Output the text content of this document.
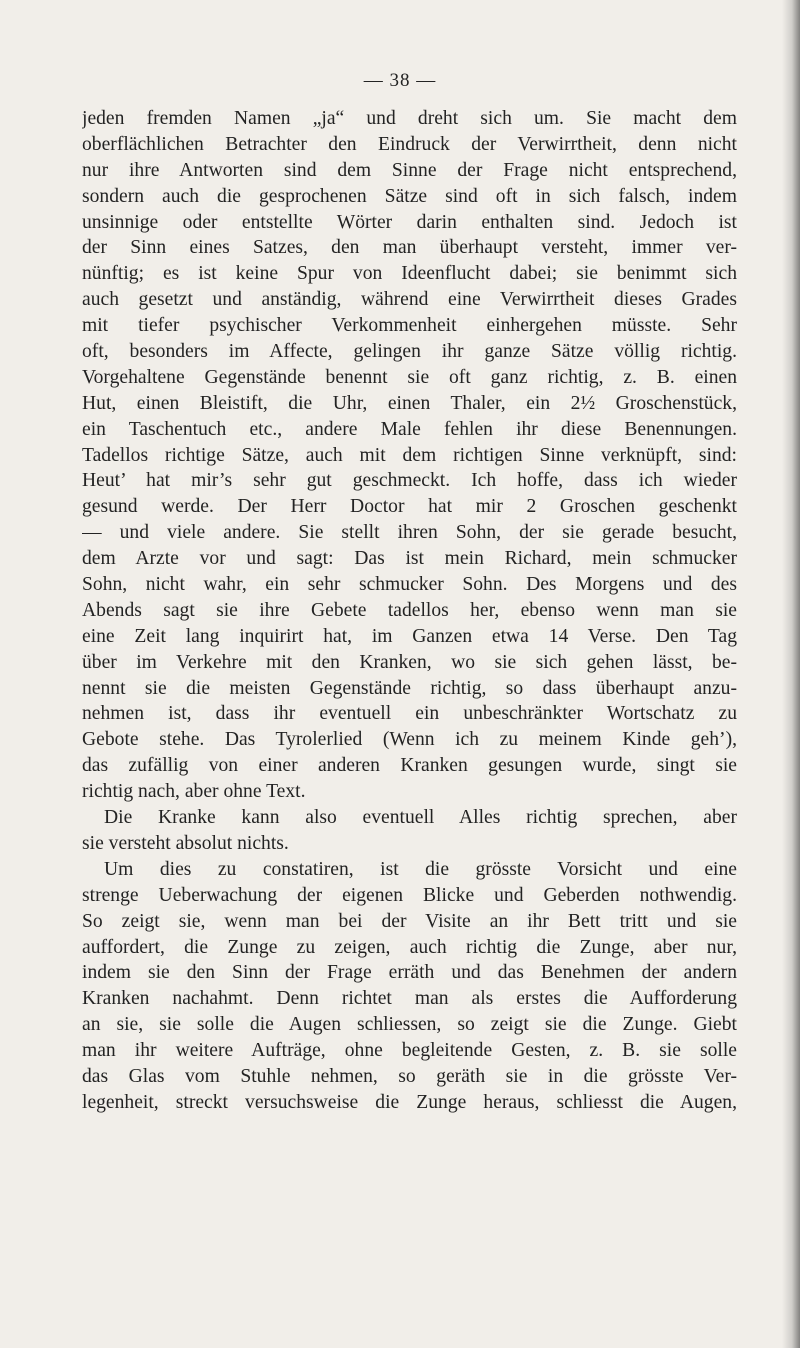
— 38 —
jeden fremden Namen „ja“ und dreht sich um. Sie macht dem
oberflächlichen Betrachter den Eindruck der Verwirrtheit, denn nicht
nur ihre Antworten sind dem Sinne der Frage nicht entsprechend,
sondern auch die gesprochenen Sätze sind oft in sich falsch, indem
unsinnige oder entstellte Wörter darin enthalten sind. Jedoch ist
der Sinn eines Satzes, den man überhaupt versteht, immer ver-
nünftig; es ist keine Spur von Ideenflucht dabei; sie benimmt sich
auch gesetzt und anständig, während eine Verwirrtheit dieses Grades
mit tiefer psychischer Verkommenheit einhergehen müsste. Sehr
oft, besonders im Affecte, gelingen ihr ganze Sätze völlig richtig.
Vorgehaltene Gegenstände benennt sie oft ganz richtig, z. B. einen
Hut, einen Bleistift, die Uhr, einen Thaler, ein 2½ Groschenstück,
ein Taschentuch etc., andere Male fehlen ihr diese Benennungen.
Tadellos richtige Sätze, auch mit dem richtigen Sinne verknüpft, sind:
Heut’ hat mir’s sehr gut geschmeckt. Ich hoffe, dass ich wieder
gesund werde. Der Herr Doctor hat mir 2 Groschen geschenkt
— und viele andere. Sie stellt ihren Sohn, der sie gerade besucht,
dem Arzte vor und sagt: Das ist mein Richard, mein schmucker
Sohn, nicht wahr, ein sehr schmucker Sohn. Des Morgens und des
Abends sagt sie ihre Gebete tadellos her, ebenso wenn man sie
eine Zeit lang inquirirt hat, im Ganzen etwa 14 Verse. Den Tag
über im Verkehre mit den Kranken, wo sie sich gehen lässt, be-
nennt sie die meisten Gegenstände richtig, so dass überhaupt anzu-
nehmen ist, dass ihr eventuell ein unbeschränkter Wortschatz zu
Gebote stehe. Das Tyrolerlied (Wenn ich zu meinem Kinde geh’),
das zufällig von einer anderen Kranken gesungen wurde, singt sie
richtig nach, aber ohne Text.
Die Kranke kann also eventuell Alles richtig sprechen, aber
sie versteht absolut nichts.
Um dies zu constatiren, ist die grösste Vorsicht und eine
strenge Ueberwachung der eigenen Blicke und Geberden nothwendig.
So zeigt sie, wenn man bei der Visite an ihr Bett tritt und sie
auffordert, die Zunge zu zeigen, auch richtig die Zunge, aber nur,
indem sie den Sinn der Frage erräth und das Benehmen der andern
Kranken nachahmt. Denn richtet man als erstes die Aufforderung
an sie, sie solle die Augen schliessen, so zeigt sie die Zunge. Giebt
man ihr weitere Aufträge, ohne begleitende Gesten, z. B. sie solle
das Glas vom Stuhle nehmen, so geräth sie in die grösste Ver-
legenheit, streckt versuchsweise die Zunge heraus, schliesst die Augen,
